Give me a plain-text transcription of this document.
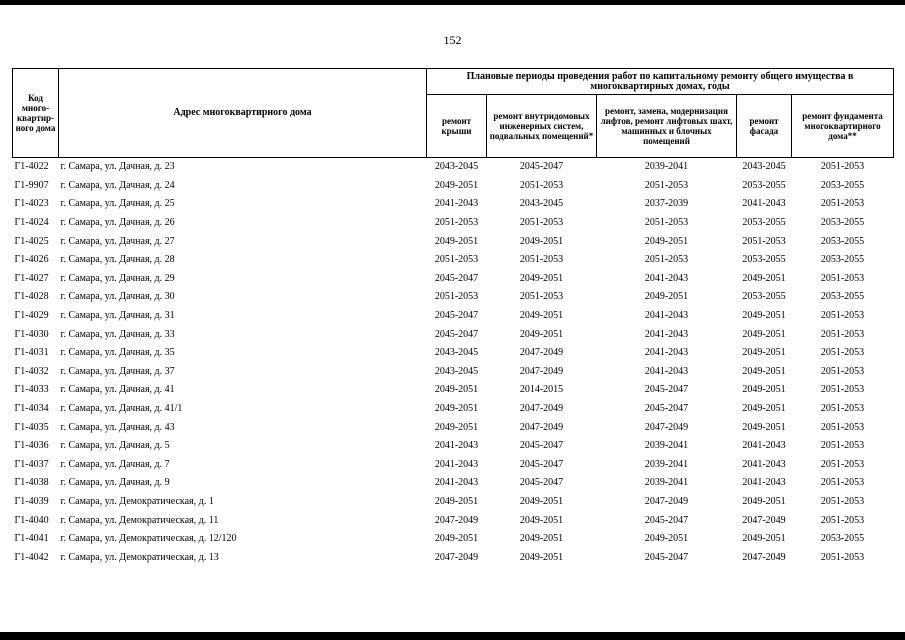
152
Код много-квартир-ного дома	Адрес многоквартирного дома	Плановые периоды проведения работ по капитальному ремонту общего имущества в многоквартирных домах, годы				
		ремонт крыши	ремонт внутридомовых инженерных систем, подвальных помещений*	ремонт, замена, модернизация лифтов, ремонт лифтовых шахт, машинных и блочных помещений	ремонт фасада	ремонт фундамента многоквартирного дома**
Г1-4022	г. Самара, ул. Дачная, д. 23	2043-2045	2045-2047	2039-2041	2043-2045	2051-2053
Г1-9907	г. Самара, ул. Дачная, д. 24	2049-2051	2051-2053	2051-2053	2053-2055	2053-2055
Г1-4023	г. Самара, ул. Дачная, д. 25	2041-2043	2043-2045	2037-2039	2041-2043	2051-2053
Г1-4024	г. Самара, ул. Дачная, д. 26	2051-2053	2051-2053	2051-2053	2053-2055	2053-2055
Г1-4025	г. Самара, ул. Дачная, д. 27	2049-2051	2049-2051	2049-2051	2051-2053	2053-2055
Г1-4026	г. Самара, ул. Дачная, д. 28	2051-2053	2051-2053	2051-2053	2053-2055	2053-2055
Г1-4027	г. Самара, ул. Дачная, д. 29	2045-2047	2049-2051	2041-2043	2049-2051	2051-2053
Г1-4028	г. Самара, ул. Дачная, д. 30	2051-2053	2051-2053	2049-2051	2053-2055	2053-2055
Г1-4029	г. Самара, ул. Дачная, д. 31	2045-2047	2049-2051	2041-2043	2049-2051	2051-2053
Г1-4030	г. Самара, ул. Дачная, д. 33	2045-2047	2049-2051	2041-2043	2049-2051	2051-2053
Г1-4031	г. Самара, ул. Дачная, д. 35	2043-2045	2047-2049	2041-2043	2049-2051	2051-2053
Г1-4032	г. Самара, ул. Дачная, д. 37	2043-2045	2047-2049	2041-2043	2049-2051	2051-2053
Г1-4033	г. Самара, ул. Дачная, д. 41	2049-2051	2014-2015	2045-2047	2049-2051	2051-2053
Г1-4034	г. Самара, ул. Дачная, д. 41/1	2049-2051	2047-2049	2045-2047	2049-2051	2051-2053
Г1-4035	г. Самара, ул. Дачная, д. 43	2049-2051	2047-2049	2047-2049	2049-2051	2051-2053
Г1-4036	г. Самара, ул. Дачная, д. 5	2041-2043	2045-2047	2039-2041	2041-2043	2051-2053
Г1-4037	г. Самара, ул. Дачная, д. 7	2041-2043	2045-2047	2039-2041	2041-2043	2051-2053
Г1-4038	г. Самара, ул. Дачная, д. 9	2041-2043	2045-2047	2039-2041	2041-2043	2051-2053
Г1-4039	г. Самара, ул. Демократическая, д. 1	2049-2051	2049-2051	2047-2049	2049-2051	2051-2053
Г1-4040	г. Самара, ул. Демократическая, д. 11	2047-2049	2049-2051	2045-2047	2047-2049	2051-2053
Г1-4041	г. Самара, ул. Демократическая, д. 12/120	2049-2051	2049-2051	2049-2051	2049-2051	2053-2055
Г1-4042	г. Самара, ул. Демократическая, д. 13	2047-2049	2049-2051	2045-2047	2047-2049	2051-2053
